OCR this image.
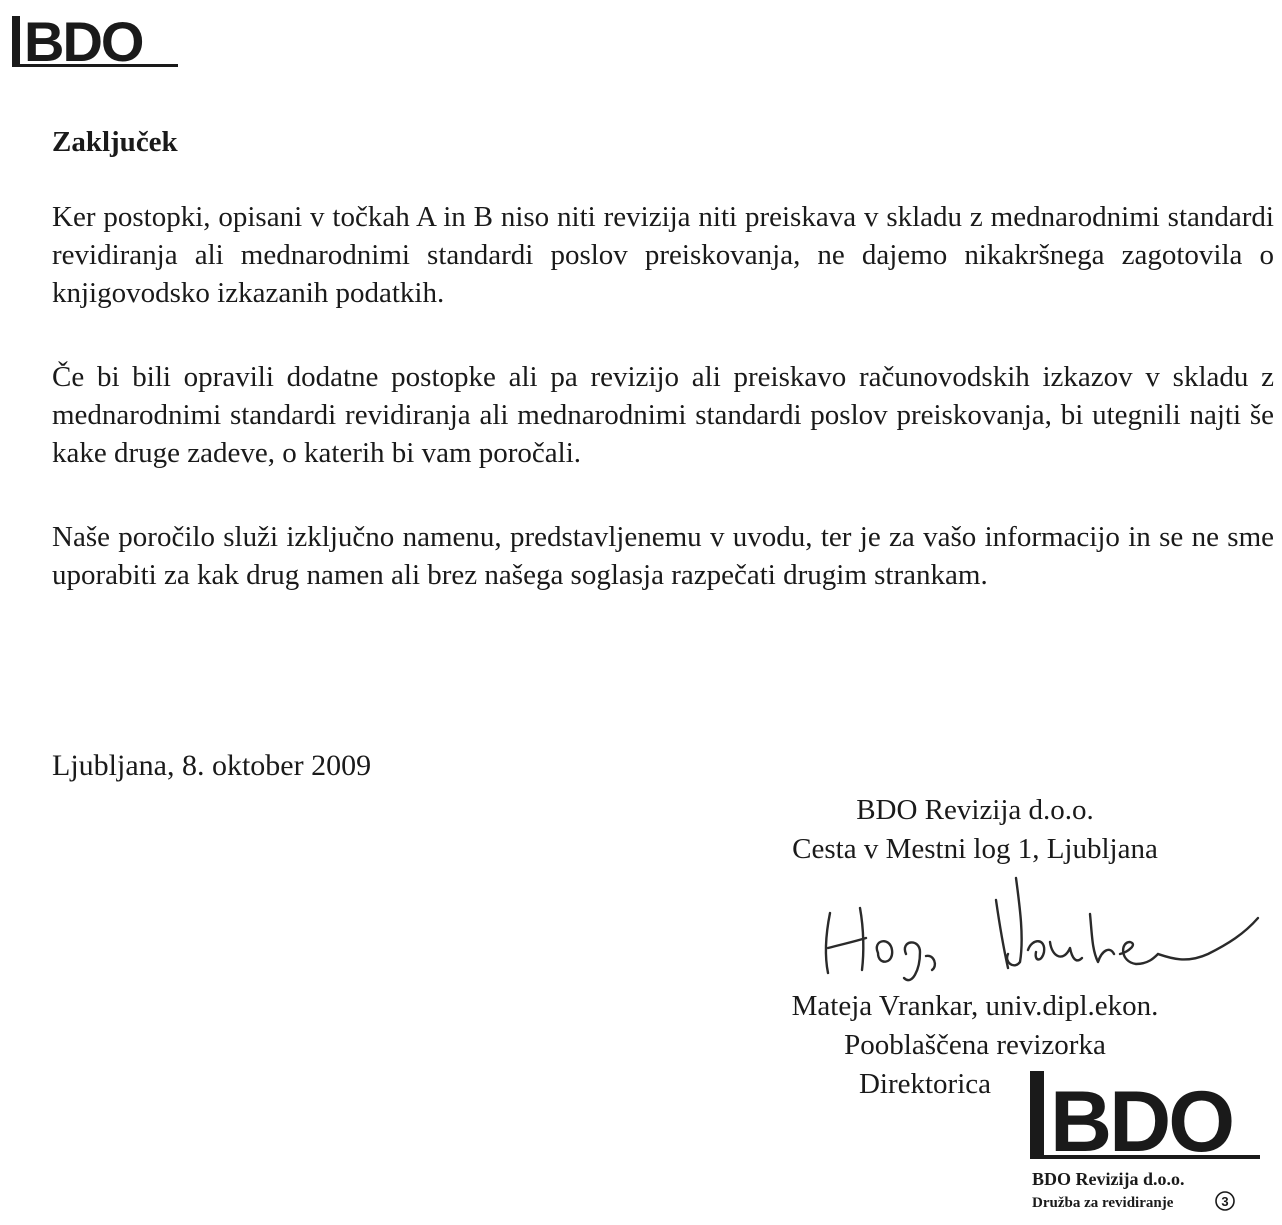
BDO
Zaključek

Ker postopki, opisani v točkah A in B niso niti revizija niti preiskava v skladu z mednarodnimi standardi revidiranja ali mednarodnimi standardi poslov preiskovanja, ne dajemo nikakršnega zagotovila o knjigovodsko izkazanih podatkih.

Če bi bili opravili dodatne postopke ali pa revizijo ali preiskavo računovodskih izkazov v skladu z mednarodnimi standardi revidiranja ali mednarodnimi standardi poslov preiskovanja, bi utegnili najti še kake druge zadeve, o katerih bi vam poročali.

Naše poročilo služi izključno namenu, predstavljenemu v uvodu, ter je za vašo informacijo in se ne sme uporabiti za kak drug namen ali brez našega soglasja razpečati drugim strankam.

Ljubljana, 8. oktober 2009

BDO Revizija d.o.o.

Cesta v Mestni log 1, Ljubljana

Mateja Vrankar, univ.dipl.ekon.

Pooblaščena revizorka

Direktorica BDO
BDO Revizija d.o.o.
Družba za revidiranje	3
